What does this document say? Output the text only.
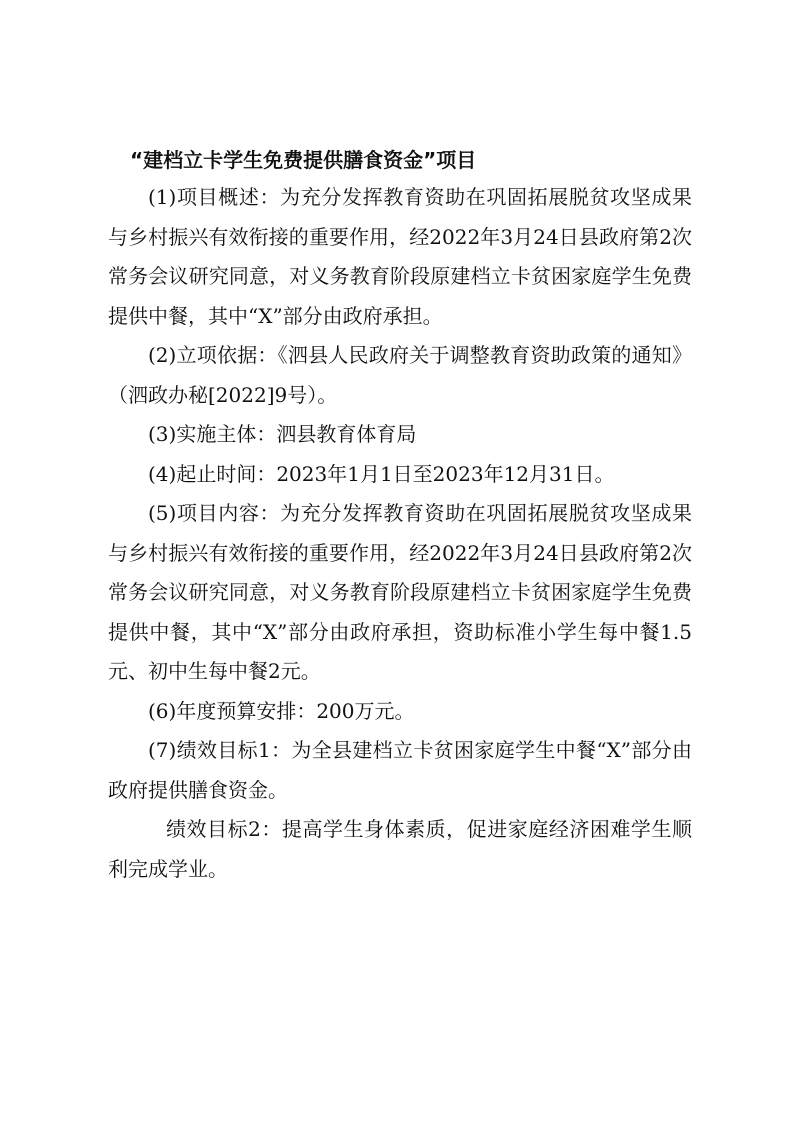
“建档立卡学生免费提供膳食资金”项目

(1)项目概述：为充分发挥教育资助在巩固拓展脱贫攻坚成果与乡村振兴有效衔接的重要作用，经2022年3月24日县政府第2次常务会议研究同意，对义务教育阶段原建档立卡贫困家庭学生免费提供中餐，其中“X”部分由政府承担。

(2)立项依据：《泗县人民政府关于调整教育资助政策的通知》（泗政办秘[2022]9号）。

(3)实施主体：泗县教育体育局

(4)起止时间：2023年1月1日至2023年12月31日。

(5)项目内容：为充分发挥教育资助在巩固拓展脱贫攻坚成果与乡村振兴有效衔接的重要作用，经2022年3月24日县政府第2次常务会议研究同意，对义务教育阶段原建档立卡贫困家庭学生免费提供中餐，其中“X”部分由政府承担，资助标准小学生每中餐1.5元、初中生每中餐2元。

(6)年度预算安排：200万元。

(7)绩效目标1：为全县建档立卡贫困家庭学生中餐“X”部分由政府提供膳食资金。

绩效目标2：提高学生身体素质，促进家庭经济困难学生顺利完成学业。
